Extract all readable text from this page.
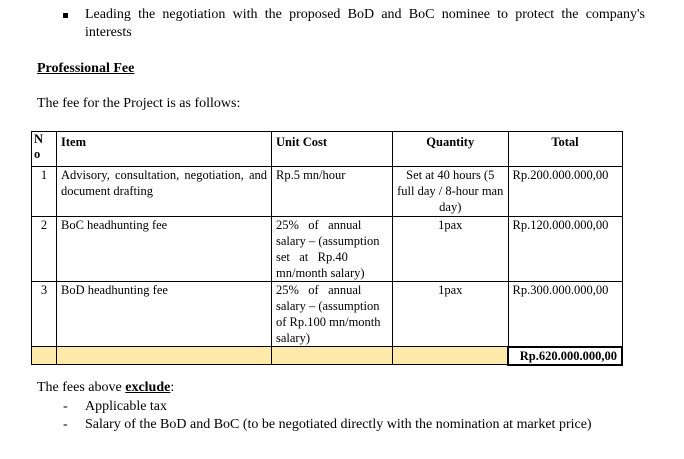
Leading the negotiation with the proposed BoD and BoC nominee to protect the company's interests
Professional Fee
The fee for the Project is as follows:
N
o	Item	Unit Cost	Quantity	Total
1	Advisory, consultation, negotiation, and document drafting	Rp.5 mn/hour	Set at 40 hours (5 full day / 8-hour man day)	Rp.200.000.000,00
2	BoC headhunting fee	25%   of   annual
salary – (assumption
set   at   Rp.40
mn/month salary)	1pax	Rp.120.000.000,00
3	BoD headhunting fee	25%   of   annual
salary – (assumption
of Rp.100 mn/month
salary)	1pax	Rp.300.000.000,00
				Rp.620.000.000,00
The fees above exclude:
- Applicable tax
- Salary of the BoD and BoC (to be negotiated directly with the nomination at market price)
